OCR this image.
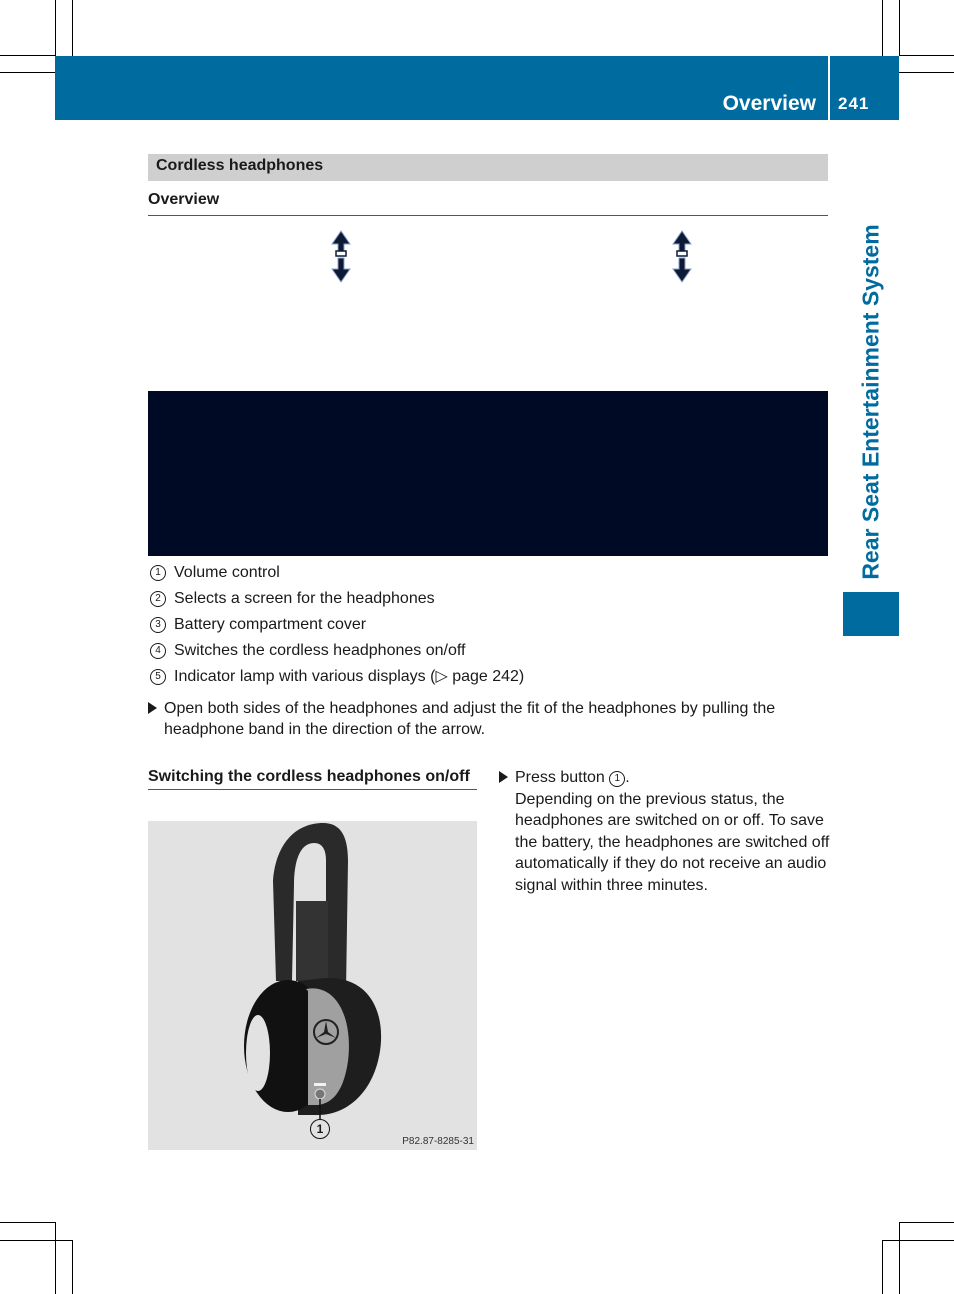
Overview 241
Rear Seat Entertainment System
Cordless headphones
Overview
1 Volume control
2 Selects a screen for the headphones
3 Battery compartment cover
4 Switches the cordless headphones on/off
5 Indicator lamp with various displays (▷ page 242)
Open both sides of the headphones and adjust the fit of the headphones by pulling the headphone band in the direction of the arrow.
Switching the cordless headphones on/off
1
P82.87-8285-31
Press button 1 .
Depending on the previous status, the headphones are switched on or off. To save the battery, the headphones are switched off automatically if they do not receive an audio signal within three minutes.
